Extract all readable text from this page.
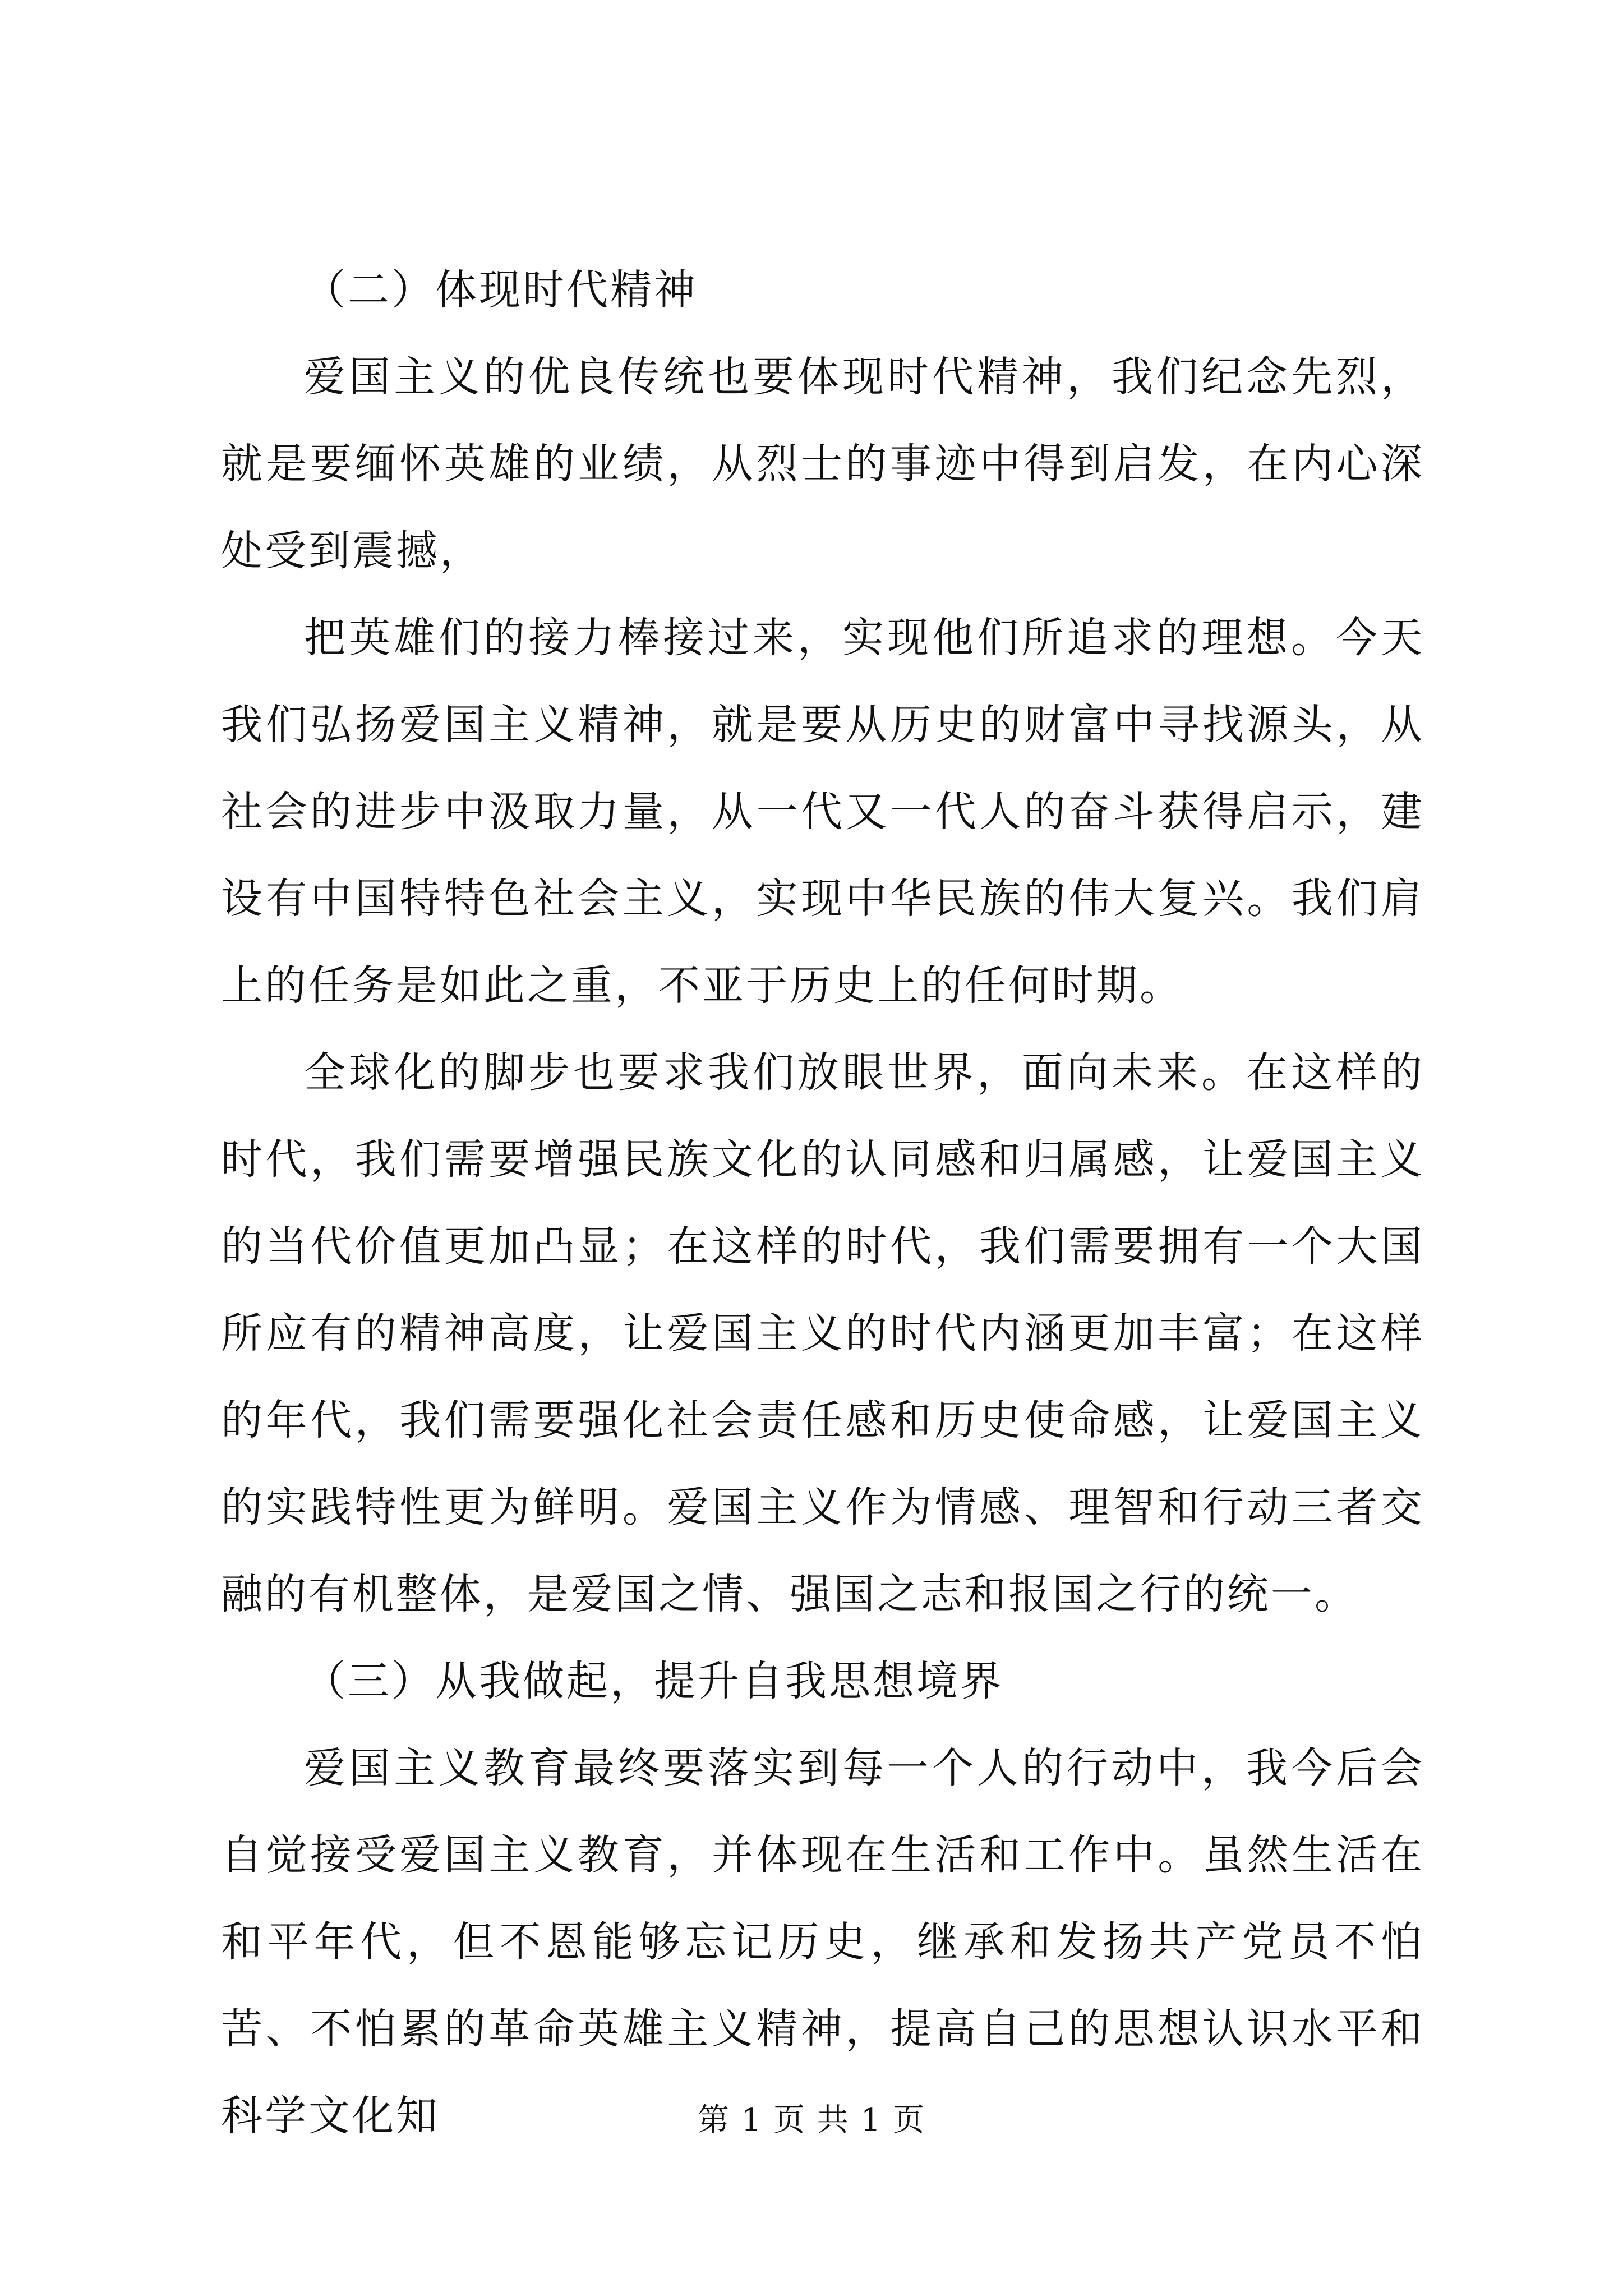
（二）体现时代精神

爱国主义的优良传统也要体现时代精神，我们纪念先烈，就是要缅怀英雄的业绩，从烈士的事迹中得到启发，在内心深处受到震撼，

把英雄们的接力棒接过来，实现他们所追求的理想。今天我们弘扬爱国主义精神，就是要从历史的财富中寻找源头，从社会的进步中汲取力量，从一代又一代人的奋斗获得启示，建设有中国特特色社会主义，实现中华民族的伟大复兴。我们肩上的任务是如此之重，不亚于历史上的任何时期。

全球化的脚步也要求我们放眼世界，面向未来。在这样的时代，我们需要增强民族文化的认同感和归属感，让爱国主义的当代价值更加凸显；在这样的时代，我们需要拥有一个大国所应有的精神高度，让爱国主义的时代内涵更加丰富；在这样的年代，我们需要强化社会责任感和历史使命感，让爱国主义的实践特性更为鲜明。爱国主义作为情感、理智和行动三者交融的有机整体，是爱国之情、强国之志和报国之行的统一。

（三）从我做起，提升自我思想境界

爱国主义教育最终要落实到每一个人的行动中，我今后会自觉接受爱国主义教育，并体现在生活和工作中。虽然生活在和平年代，但不恩能够忘记历史，继承和发扬共产党员不怕苦、不怕累的革命英雄主义精神，提高自己的思想认识水平和科学文化知	第 1 页 共 1 页
